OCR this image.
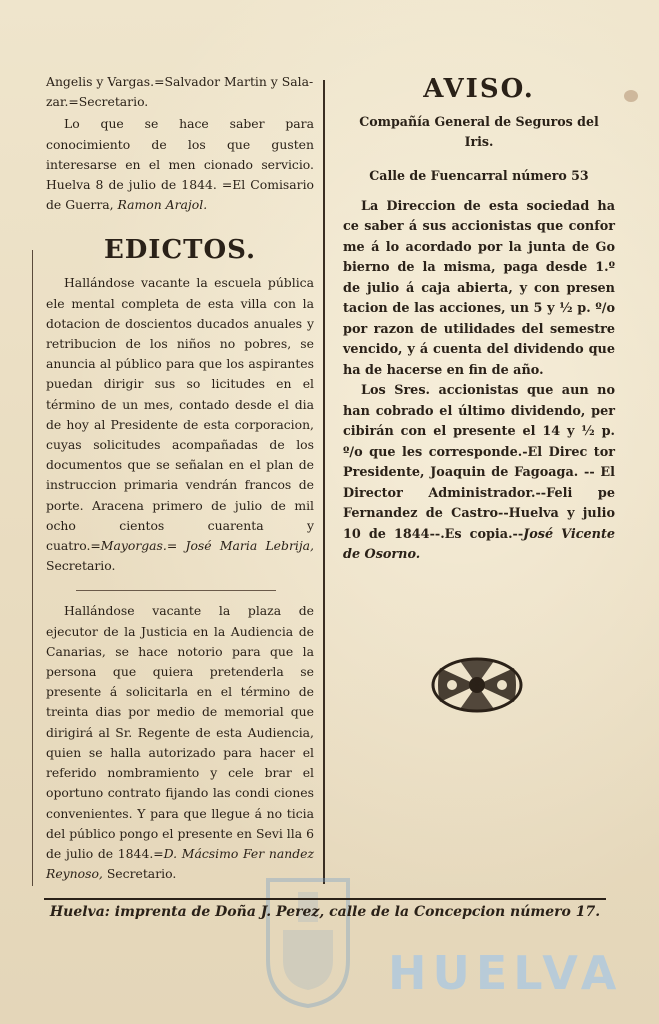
Angelis y Vargas.=Salvador Martin y Sala-

zar.=Secretario.

Lo que se hace saber para conocimiento de los que gusten interesarse en el men cionado servicio. Huelva 8 de julio de 1844. =El Comisario de Guerra, Ramon Arajol.

EDICTOS.

Hallándose vacante la escuela pública ele mental completa de esta villa con la dotacion de doscientos ducados anuales y retribucion de los niños no pobres, se anuncia al público para que los aspirantes puedan dirigir sus so licitudes en el término de un mes, contado desde el dia de hoy al Presidente de esta corporacion, cuyas solicitudes acompañadas de los documentos que se señalan en el plan de instruccion primaria vendrán francos de porte. Aracena primero de julio de mil ocho cientos cuarenta y cuatro.=Mayorgas.= José Maria Lebrija, Secretario.

Hallándose vacante la plaza de ejecutor de la Justicia en la Audiencia de Canarias, se hace notorio para que la persona que quiera pretenderla se presente á solicitarla en el término de treinta dias por medio de memorial que dirigirá al Sr. Regente de esta Audiencia, quien se halla autorizado para hacer el referido nombramiento y cele brar el oportuno contrato fijando las condi ciones convenientes. Y para que llegue á no ticia del público pongo el presente en Sevi lla 6 de julio de 1844.=D. Mácsimo Fer nandez Reynoso, Secretario.

AVISO.
Compañía General de Seguros del Iris.
Calle de Fuencarral número 53

La Direccion de esta sociedad ha ce saber á sus accionistas que confor me á lo acordado por la junta de Go bierno de la misma, paga desde 1.º de julio á caja abierta, y con presen tacion de las acciones, un 5 y ½ p. º/o por razon de utilidades del semestre vencido, y á cuenta del dividendo que ha de hacerse en fin de año.

Los Sres. accionistas que aun no han cobrado el último dividendo, per cibirán con el presente el 14 y ½ p. º/o que les corresponde.-El Direc tor Presidente, Joaquin de Fagoaga. -- El Director Administrador.--Feli pe Fernandez de Castro--Huelva y julio 10 de 1844--.Es copia.--José Vicente de Osorno.

Huelva: imprenta de Doña J. Perez, calle de la Concepcion número 17.
HUELVA
